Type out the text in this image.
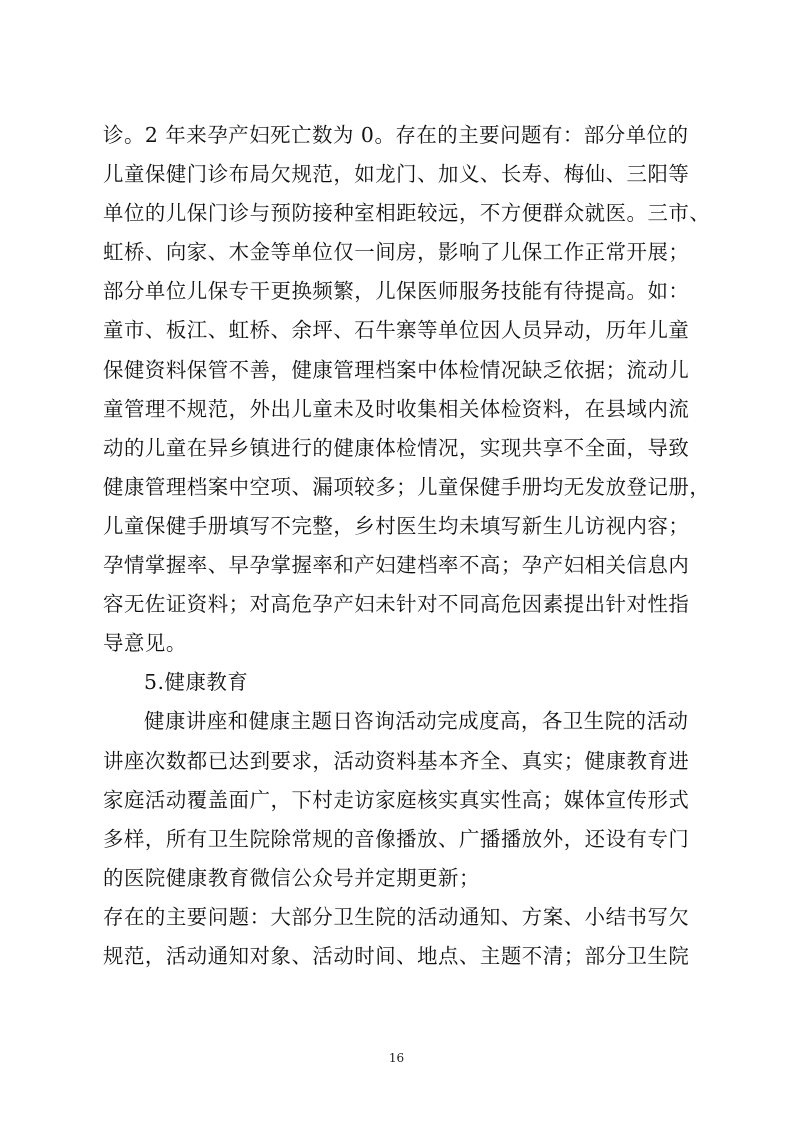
诊。2 年来孕产妇死亡数为 0。存在的主要问题有：部分单位的
儿童保健门诊布局欠规范，如龙门、加义、长寿、梅仙、三阳等
单位的儿保门诊与预防接种室相距较远，不方便群众就医。三市、
虹桥、向家、木金等单位仅一间房，影响了儿保工作正常开展；
部分单位儿保专干更换频繁，儿保医师服务技能有待提高。如：
童市、板江、虹桥、余坪、石牛寨等单位因人员异动，历年儿童
保健资料保管不善，健康管理档案中体检情况缺乏依据；流动儿
童管理不规范，外出儿童未及时收集相关体检资料，在县域内流
动的儿童在异乡镇进行的健康体检情况，实现共享不全面，导致
健康管理档案中空项、漏项较多；儿童保健手册均无发放登记册，
儿童保健手册填写不完整，乡村医生均未填写新生儿访视内容；
孕情掌握率、早孕掌握率和产妇建档率不高；孕产妇相关信息内
容无佐证资料；对高危孕产妇未针对不同高危因素提出针对性指
导意见。
5.健康教育
健康讲座和健康主题日咨询活动完成度高，各卫生院的活动
讲座次数都已达到要求，活动资料基本齐全、真实；健康教育进
家庭活动覆盖面广，下村走访家庭核实真实性高；媒体宣传形式
多样，所有卫生院除常规的音像播放、广播播放外，还设有专门
的医院健康教育微信公众号并定期更新；
存在的主要问题：大部分卫生院的活动通知、方案、小结书写欠
规范，活动通知对象、活动时间、地点、主题不清；部分卫生院
16
